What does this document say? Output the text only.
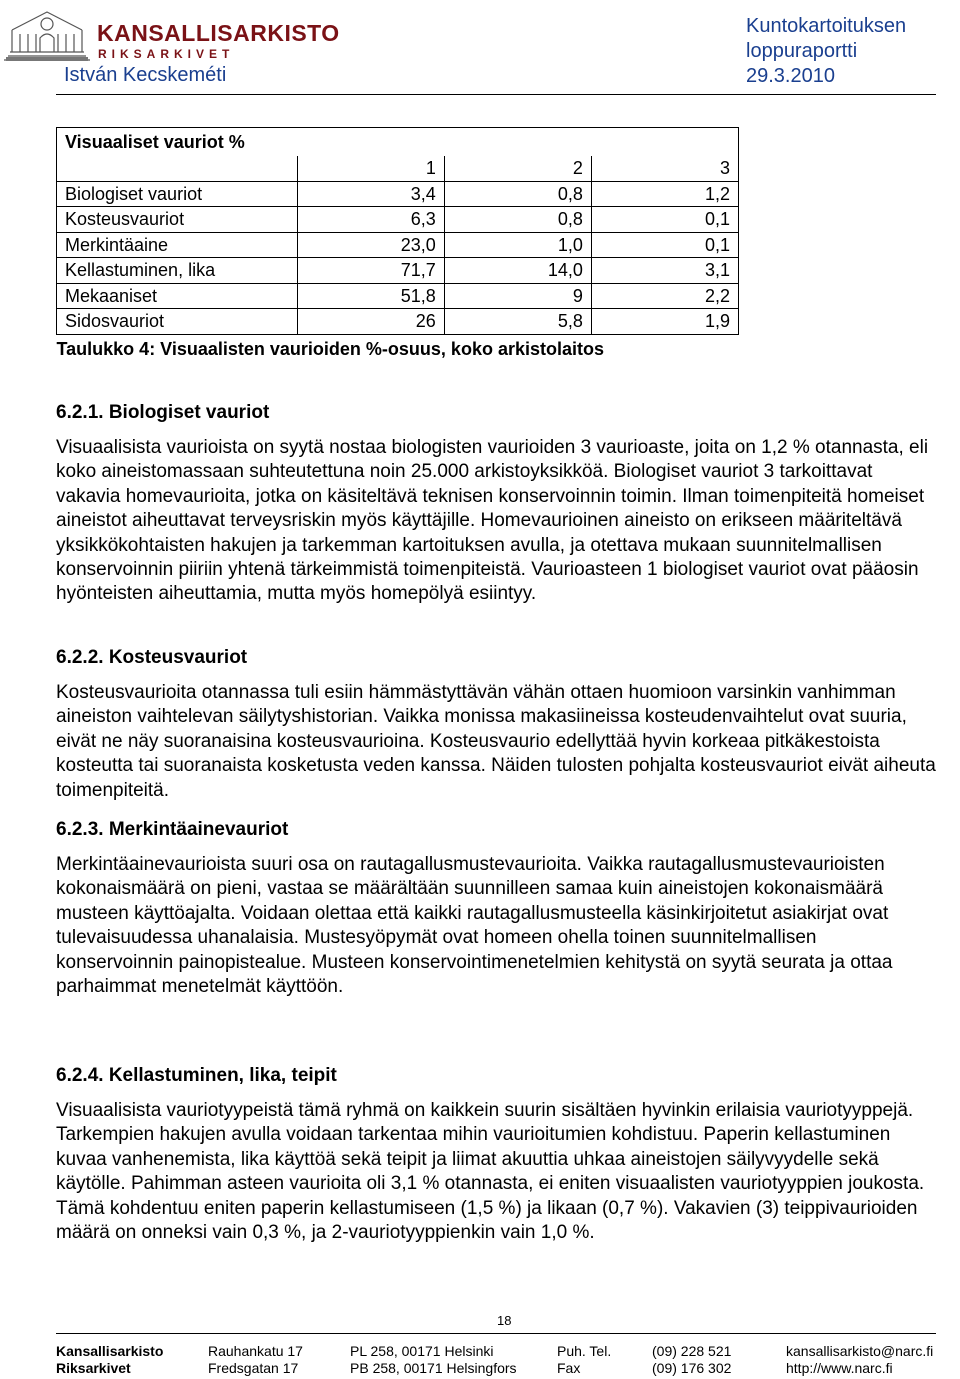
KANSALLISARKISTO
RIKSARKIVET
Kuntokartoituksen
loppuraportti
István Kecskeméti	29.3.2010
Visuaaliset vauriot %			
	1	2	3
Biologiset vauriot	3,4	0,8	1,2
Kosteusvauriot	6,3	0,8	0,1
Merkintäaine	23,0	1,0	0,1
Kellastuminen, lika	71,7	14,0	3,1
Mekaaniset	51,8	9	2,2
Sidosvauriot	26	5,8	1,9
Taulukko 4: Visuaalisten vaurioiden %-osuus, koko arkistolaitos			
6.2.1. Biologiset vauriot

Visuaalisista vaurioista on syytä nostaa biologisten vaurioiden 3 vaurioaste, joita on 1,2 % otannasta, eli koko aineistomassaan suhteutettuna noin 25.000 arkistoyksikköä. Biologiset vauriot 3 tarkoittavat vakavia homevaurioita, jotka on käsiteltävä teknisen konservoinnin toimin. Ilman toimenpiteitä homeiset aineistot aiheuttavat terveysriskin myös käyttäjille. Homevaurioinen aineisto on erikseen määriteltävä yksikkökohtaisten hakujen ja tarkemman kartoituksen avulla, ja otettava mukaan suunnitelmallisen konservoinnin piiriin yhtenä tärkeimmistä toimenpiteistä. Vaurioasteen 1 biologiset vauriot ovat pääosin hyönteisten aiheuttamia, mutta myös homepölyä esiintyy.

6.2.2. Kosteusvauriot

Kosteusvaurioita otannassa tuli esiin hämmästyttävän vähän ottaen huomioon varsinkin vanhimman aineiston vaihtelevan säilytyshistorian. Vaikka monissa makasiineissa kosteudenvaihtelut ovat suuria, eivät ne näy suoranaisina kosteusvaurioina. Kosteusvaurio edellyttää hyvin korkeaa pitkäkestoista kosteutta tai suoranaista kosketusta veden kanssa. Näiden tulosten pohjalta kosteusvauriot eivät aiheuta toimenpiteitä.

6.2.3. Merkintäainevauriot

Merkintäainevaurioista suuri osa on rautagallusmustevaurioita. Vaikka rautagallusmustevaurioisten kokonaismäärä on pieni, vastaa se määrältään suunnilleen samaa kuin aineistojen kokonaismäärä musteen käyttöajalta. Voidaan olettaa että kaikki rautagallusmusteella käsinkirjoitetut asiakirjat ovat tulevaisuudessa uhanalaisia. Mustesyöpymät ovat homeen ohella toinen suunnitelmallisen konservoinnin painopistealue. Musteen konservointimenetelmien kehitystä on syytä seurata ja ottaa parhaimmat menetelmät käyttöön.

6.2.4. Kellastuminen, lika, teipit

Visuaalisista vauriotyypeistä tämä ryhmä on kaikkein suurin sisältäen hyvinkin erilaisia vauriotyyppejä. Tarkempien hakujen avulla voidaan tarkentaa mihin vaurioitumien kohdistuu. Paperin kellastuminen kuvaa vanhenemista, lika käyttöä sekä teipit ja liimat akuuttia uhkaa aineistojen säilyvyydelle sekä käytölle. Pahimman asteen vaurioita oli 3,1 % otannasta, ei eniten visuaalisten vauriotyyppien joukosta. Tämä kohdentuu eniten paperin kellastumiseen (1,5 %) ja likaan (0,7 %). Vakavien (3) teippivaurioiden määrä on onneksi vain 0,3 %, ja 2-vauriotyyppienkin vain 1,0 %.

18
Kansallisarkisto	Rauhankatu 17	PL 258, 00171 Helsinki	Puh. Tel.	(09) 228 521	kansallisarkisto@narc.fi
Riksarkivet	Fredsgatan 17	PB 258, 00171 Helsingfors	Fax	(09) 176 302	http://www.narc.fi
